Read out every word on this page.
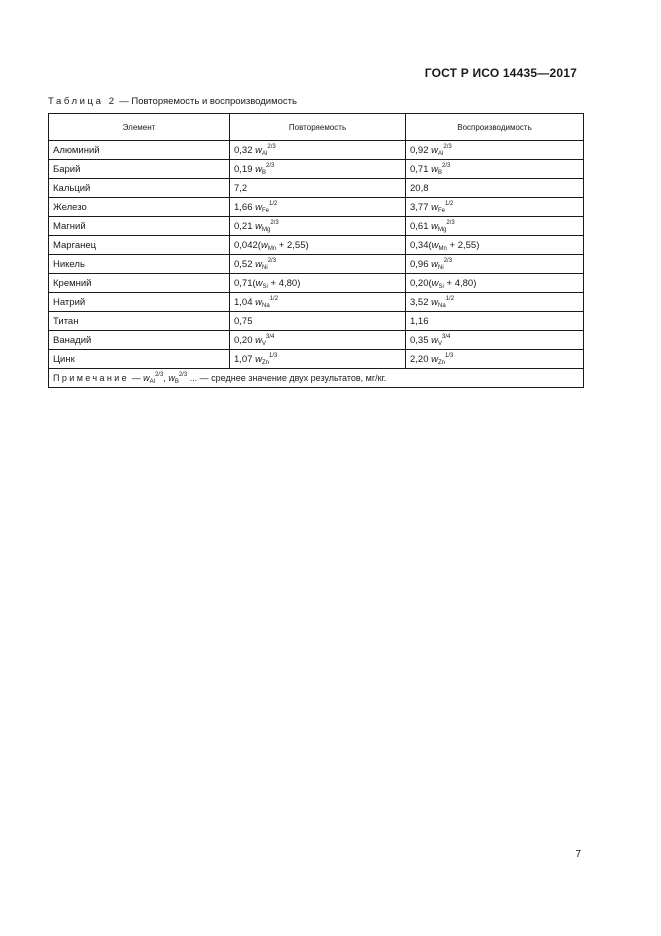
ГОСТ Р ИСО 14435—2017
Таблица 2 — Повторяемость и воспроизводимость
Элемент	Повторяемость	Воспроизводимость
Алюминий	0,32 $w_{Al}^{2/3}$	0,92 $w_{Al}^{2/3}$
Барий	0,19 $w_B^{2/3}$	0,71 $w_B^{2/3}$
Кальций	7,2	20,8
Железо	1,66 $w_{Fe}^{1/2}$	3,77 $w_{Fe}^{1/2}$
Магний	0,21 $w_{Mg}^{2/3}$	0,61 $w_{Mg}^{2/3}$
Марганец	$0,042(w_{Mn} + 2,55)$	$0,34(w_{Mn} + 2,55)$
Никель	0,52 $w_{Ni}^{2/3}$	0,96 $w_{Ni}^{2/3}$
Кремний	$0,71(w_{Si} + 4,80)$	$0,20(w_{Si} + 4,80)$
Натрий	1,04 $w_{Na}^{1/2}$	3,52 $w_{Na}^{1/2}$
Титан	0,75	1,16
Ванадий	0,20 $w_V^{3/4}$	0,35 $w_V^{3/4}$
Цинк	1,07 $w_{Zn}^{1/3}$	2,20 $w_{Zn}^{1/3}$
Примечание — $w_{Al}^{2/3}$, $w_B^{2/3}$ ... — среднее значение двух результатов, мг/кг.		
7
